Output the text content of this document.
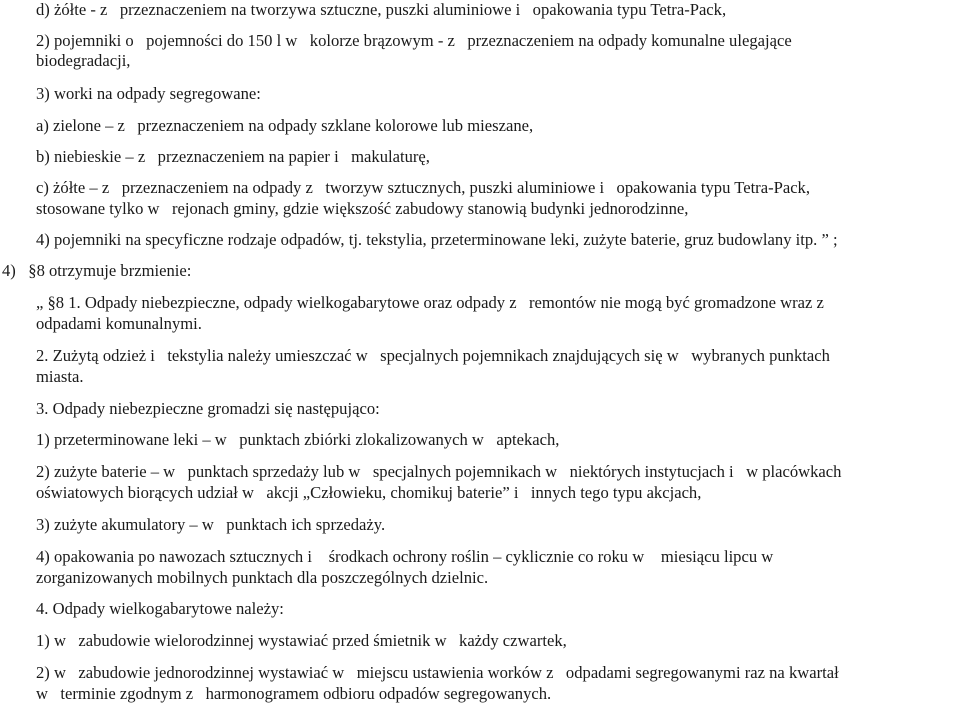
d) żółte - z   przeznaczeniem na tworzywa sztuczne, puszki aluminiowe i   opakowania typu Tetra-Pack,
2) pojemniki o   pojemności do 150 l w   kolorze brązowym - z   przeznaczeniem na odpady komunalne ulegające
biodegradacji,
3) worki na odpady segregowane:
a) zielone – z   przeznaczeniem na odpady szklane kolorowe lub mieszane,
b) niebieskie – z   przeznaczeniem na papier i   makulaturę,
c) żółte – z   przeznaczeniem na odpady z   tworzyw sztucznych, puszki aluminiowe i   opakowania typu Tetra-Pack,
stosowane tylko w   rejonach gminy, gdzie większość zabudowy stanowią budynki jednorodzinne,
4) pojemniki na specyficzne rodzaje odpadów, tj. tekstylia, przeterminowane leki, zużyte baterie, gruz budowlany itp. ” ;
4)   §8 otrzymuje brzmienie:
„ §8 1. Odpady niebezpieczne, odpady wielkogabarytowe oraz odpady z   remontów nie mogą być gromadzone wraz z
odpadami komunalnymi.
2. Zużytą odzież i   tekstylia należy umieszczać w   specjalnych pojemnikach znajdujących się w   wybranych punktach
miasta.
3. Odpady niebezpieczne gromadzi się następująco:
1) przeterminowane leki – w   punktach zbiórki zlokalizowanych w   aptekach,
2) zużyte baterie – w   punktach sprzedaży lub w   specjalnych pojemnikach w   niektórych instytucjach i   w placówkach
oświatowych biorących udział w   akcji „Człowieku, chomikuj baterie” i   innych tego typu akcjach,
3) zużyte akumulatory – w   punktach ich sprzedaży.
4) opakowania po nawozach sztucznych i    środkach ochrony roślin – cyklicznie co roku w    miesiącu lipcu w
zorganizowanych mobilnych punktach dla poszczególnych dzielnic.
4. Odpady wielkogabarytowe należy:
1) w   zabudowie wielorodzinnej wystawiać przed śmietnik w   każdy czwartek,
2) w   zabudowie jednorodzinnej wystawiać w   miejscu ustawienia worków z   odpadami segregowanymi raz na kwartał
w   terminie zgodnym z   harmonogramem odbioru odpadów segregowanych.
